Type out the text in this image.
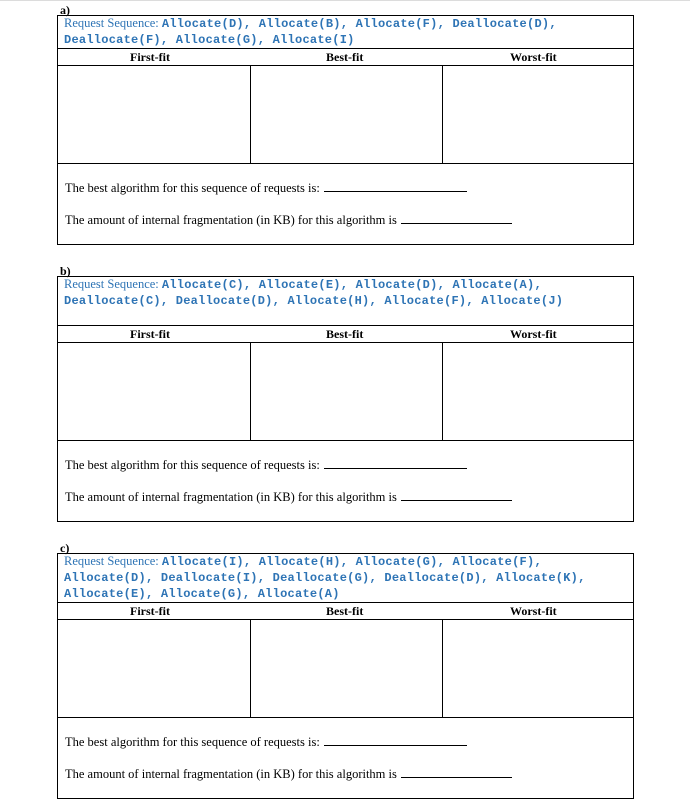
a)
Request Sequence: Allocate(D), Allocate(B), Allocate(F), Deallocate(D),
Deallocate(F), Allocate(G), Allocate(I)
First-fit	Best-fit	Worst-fit
The best algorithm for this sequence of requests is:
The amount of internal fragmentation (in KB) for this algorithm is
b)
Request Sequence: Allocate(C), Allocate(E), Allocate(D), Allocate(A),
Deallocate(C), Deallocate(D), Allocate(H), Allocate(F), Allocate(J)
First-fit	Best-fit	Worst-fit
The best algorithm for this sequence of requests is:
The amount of internal fragmentation (in KB) for this algorithm is
c)
Request Sequence: Allocate(I), Allocate(H), Allocate(G), Allocate(F),
Allocate(D), Deallocate(I), Deallocate(G), Deallocate(D), Allocate(K),
Allocate(E), Allocate(G), Allocate(A)
First-fit	Best-fit	Worst-fit
The best algorithm for this sequence of requests is:
The amount of internal fragmentation (in KB) for this algorithm is
